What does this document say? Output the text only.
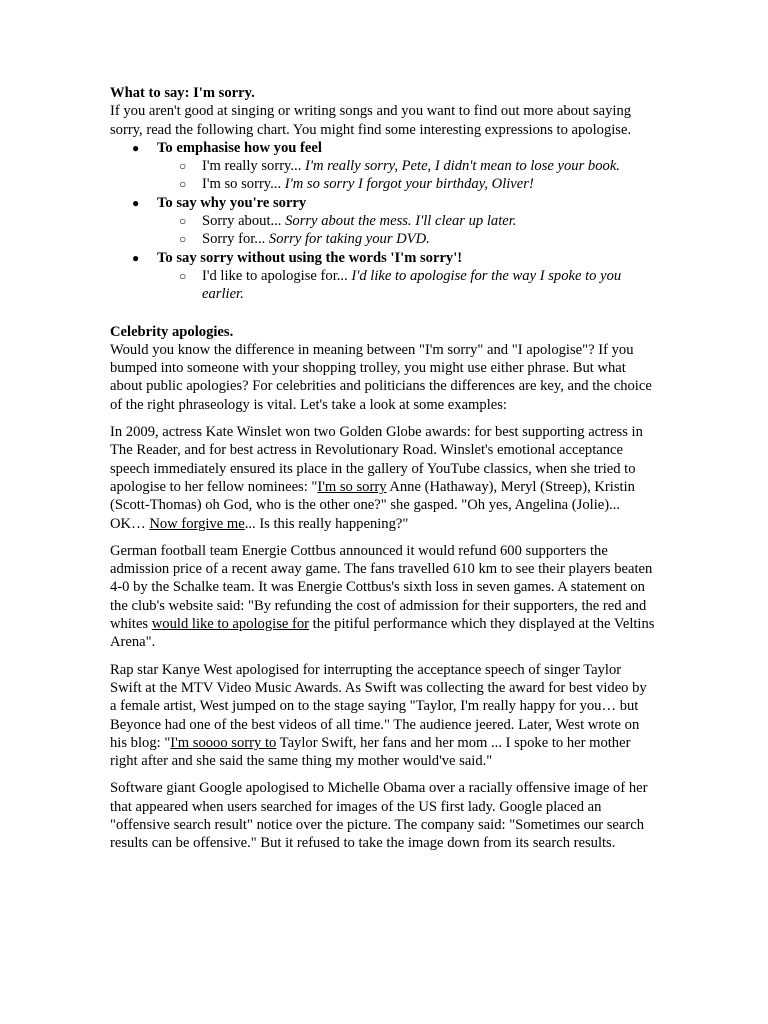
What to say: I'm sorry.

If you aren't good at singing or writing songs and you want to find out more about saying sorry, read the following chart. You might find some interesting expressions to apologise.

● To emphasise how you feel
○ I'm really sorry... I'm really sorry, Pete, I didn't mean to lose your book.
○ I'm so sorry... I'm so sorry I forgot your birthday, Oliver!
● To say why you're sorry
○ Sorry about... Sorry about the mess. I'll clear up later.
○ Sorry for... Sorry for taking your DVD.
● To say sorry without using the words 'I'm sorry'!
○ I'd like to apologise for... I'd like to apologise for the way I spoke to you earlier.

Celebrity apologies.

Would you know the difference in meaning between "I'm sorry" and "I apologise"? If you bumped into someone with your shopping trolley, you might use either phrase. But what about public apologies? For celebrities and politicians the differences are key, and the choice of the right phraseology is vital. Let's take a look at some examples:

In 2009, actress Kate Winslet won two Golden Globe awards: for best supporting actress in The Reader, and for best actress in Revolutionary Road. Winslet's emotional acceptance speech immediately ensured its place in the gallery of YouTube classics, when she tried to apologise to her fellow nominees: "I'm so sorry Anne (Hathaway), Meryl (Streep), Kristin (Scott-Thomas) oh God, who is the other one?" she gasped. "Oh yes, Angelina (Jolie)... OK… Now forgive me... Is this really happening?"

German football team Energie Cottbus announced it would refund 600 supporters the admission price of a recent away game. The fans travelled 610 km to see their players beaten 4-0 by the Schalke team. It was Energie Cottbus's sixth loss in seven games. A statement on the club's website said: "By refunding the cost of admission for their supporters, the red and whites would like to apologise for the pitiful performance which they displayed at the Veltins Arena".

Rap star Kanye West apologised for interrupting the acceptance speech of singer Taylor Swift at the MTV Video Music Awards. As Swift was collecting the award for best video by a female artist, West jumped on to the stage saying "Taylor, I'm really happy for you… but Beyonce had one of the best videos of all time." The audience jeered. Later, West wrote on his blog: "I'm soooo sorry to Taylor Swift, her fans and her mom ... I spoke to her mother right after and she said the same thing my mother would've said."

Software giant Google apologised to Michelle Obama over a racially offensive image of her that appeared when users searched for images of the US first lady. Google placed an "offensive search result" notice over the picture. The company said: "Sometimes our search results can be offensive." But it refused to take the image down from its search results.
